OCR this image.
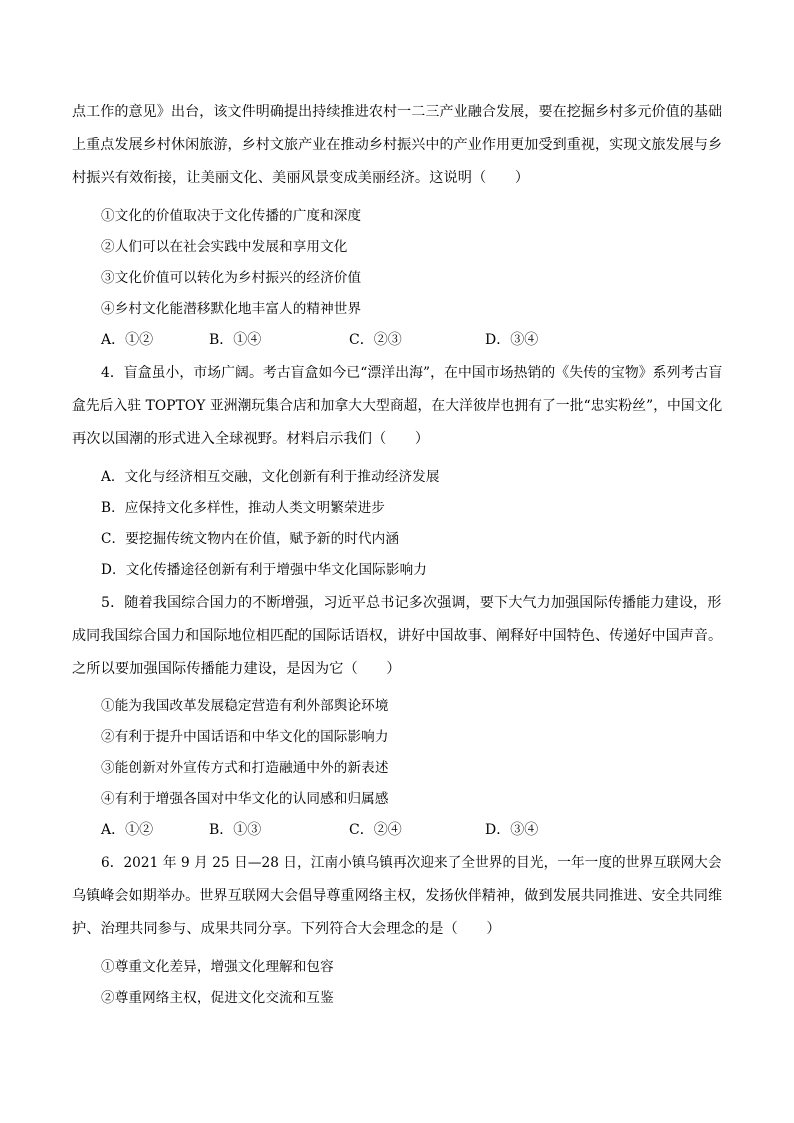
点工作的意见》出台，该文件明确提出持续推进农村一二三产业融合发展，要在挖掘乡村多元价值的基础
上重点发展乡村休闲旅游，乡村文旅产业在推动乡村振兴中的产业作用更加受到重视，实现文旅发展与乡
村振兴有效衔接，让美丽文化、美丽风景变成美丽经济。这说明（　　）
①文化的价值取决于文化传播的广度和深度
②人们可以在社会实践中发展和享用文化
③文化价值可以转化为乡村振兴的经济价值
④乡村文化能潜移默化地丰富人的精神世界
A．①②	B．①④	C．②③	D．③④
4．盲盒虽小，市场广阔。考古盲盒如今已“漂洋出海”，在中国市场热销的《失传的宝物》系列考古盲
盒先后入驻 TOPTOY 亚洲潮玩集合店和加拿大大型商超，在大洋彼岸也拥有了一批“忠实粉丝”，中国文化
再次以国潮的形式进入全球视野。材料启示我们（　　）
A．文化与经济相互交融，文化创新有利于推动经济发展
B．应保持文化多样性，推动人类文明繁荣进步
C．要挖掘传统文物内在价值，赋予新的时代内涵
D．文化传播途径创新有利于增强中华文化国际影响力
5．随着我国综合国力的不断增强，习近平总书记多次强调，要下大气力加强国际传播能力建设，形
成同我国综合国力和国际地位相匹配的国际话语权，讲好中国故事、阐释好中国特色、传递好中国声音。
之所以要加强国际传播能力建设，是因为它（　　）
①能为我国改革发展稳定营造有利外部舆论环境
②有利于提升中国话语和中华文化的国际影响力
③能创新对外宣传方式和打造融通中外的新表述
④有利于增强各国对中华文化的认同感和归属感
A．①②	B．①③	C．②④	D．③④
6．2021 年 9 月 25 日—28 日，江南小镇乌镇再次迎来了全世界的目光，一年一度的世界互联网大会
乌镇峰会如期举办。世界互联网大会倡导尊重网络主权，发扬伙伴精神，做到发展共同推进、安全共同维
护、治理共同参与、成果共同分享。下列符合大会理念的是（　　）
①尊重文化差异，增强文化理解和包容
②尊重网络主权，促进文化交流和互鉴
